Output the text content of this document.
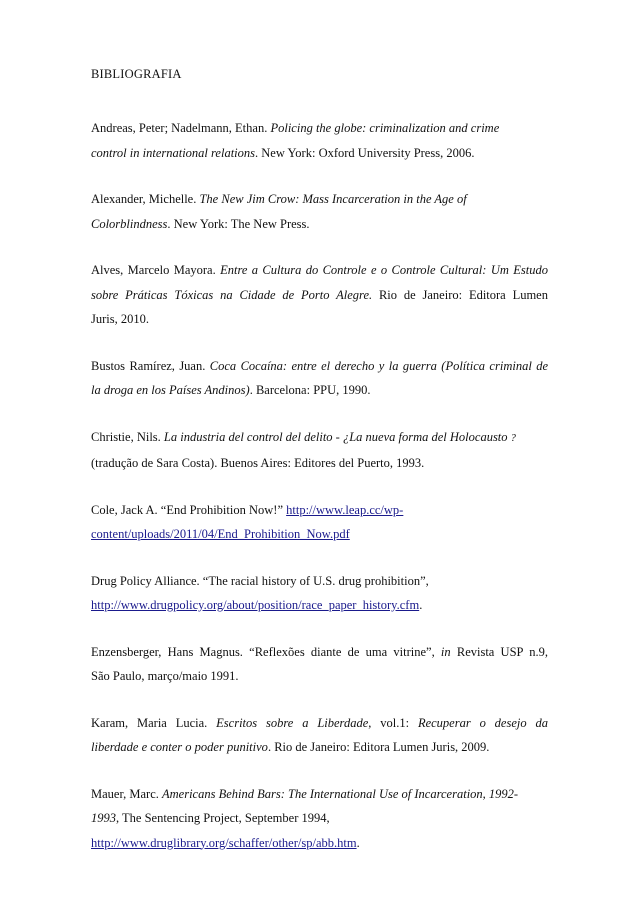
BIBLIOGRAFIA
Andreas, Peter; Nadelmann, Ethan. Policing the globe: criminalization and crime
control in international relations. New York: Oxford University Press, 2006.
Alexander, Michelle. The New Jim Crow: Mass Incarceration in the Age of
Colorblindness. New York: The New Press.
Alves, Marcelo Mayora. Entre a Cultura do Controle e o Controle Cultural: Um Estudo
sobre Práticas Tóxicas na Cidade de Porto Alegre. Rio de Janeiro: Editora Lumen
Juris, 2010.
Bustos Ramírez, Juan. Coca Cocaína: entre el derecho y la guerra (Política criminal de
la droga en los Países Andinos). Barcelona: PPU, 1990.
Christie, Nils. La industria del control del delito - ¿La nueva forma del Holocausto ?
(tradução de Sara Costa). Buenos Aires: Editores del Puerto, 1993.
Cole, Jack A. “End Prohibition Now!” http://www.leap.cc/wp-
content/uploads/2011/04/End_Prohibition_Now.pdf
Drug Policy Alliance. “The racial history of U.S. drug prohibition”,
http://www.drugpolicy.org/about/position/race_paper_history.cfm.
Enzensberger, Hans Magnus. “Reflexões diante de uma vitrine”, in Revista USP n.9,
São Paulo, março/maio 1991.
Karam, Maria Lucia. Escritos sobre a Liberdade, vol.1: Recuperar o desejo da
liberdade e conter o poder punitivo. Rio de Janeiro: Editora Lumen Juris, 2009.
Mauer, Marc. Americans Behind Bars: The International Use of Incarceration, 1992-
1993, The Sentencing Project, September 1994,
http://www.druglibrary.org/schaffer/other/sp/abb.htm.
